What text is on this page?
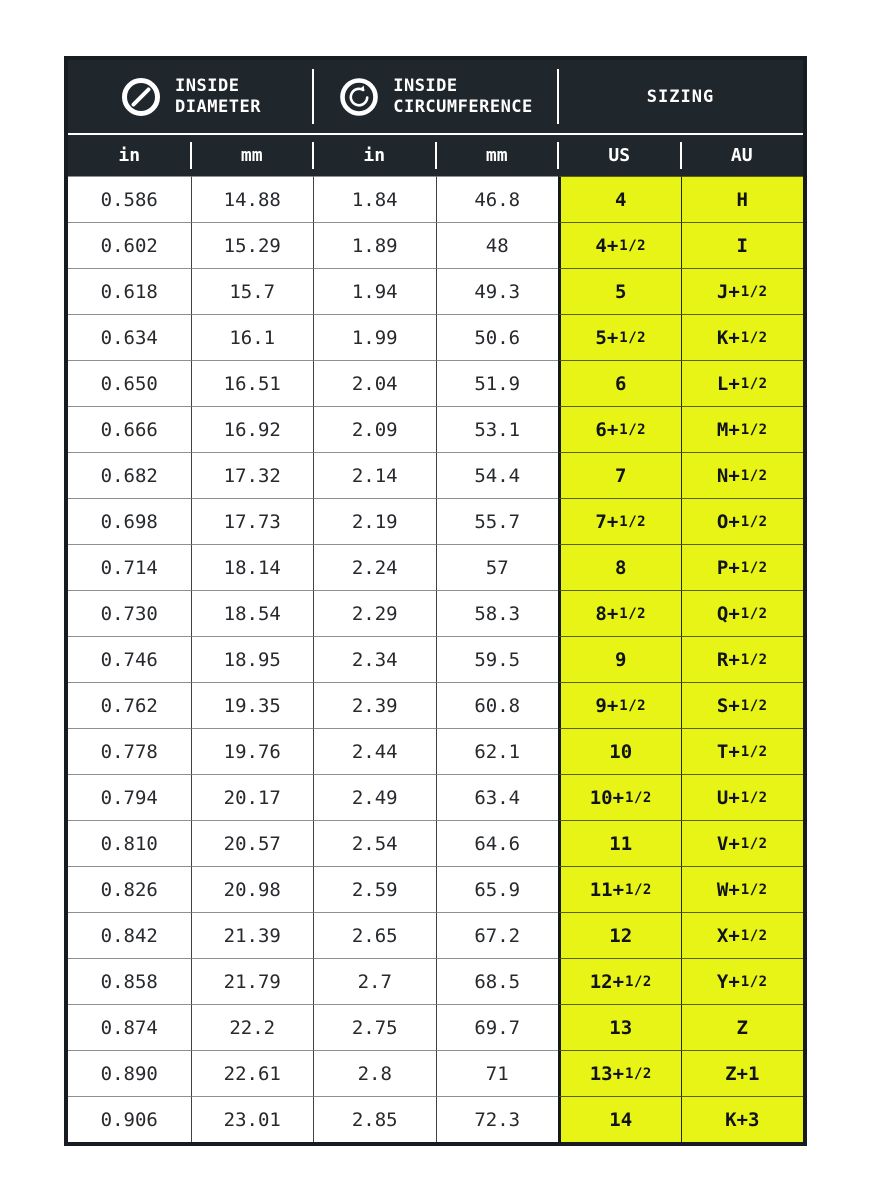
INSIDE
DIAMETER
INSIDE
CIRCUMFERENCE	SIZING
in	mm	in	mm	US	AU
0.586	14.88	1.84	46.8	4	H
0.602	15.29	1.89	48	4+ 1/2	I
0.618	15.7	1.94	49.3	5	J+ 1/2
0.634	16.1	1.99	50.6	5+ 1/2	K+ 1/2
0.650	16.51	2.04	51.9	6	L+ 1/2
0.666	16.92	2.09	53.1	6+ 1/2	M+ 1/2
0.682	17.32	2.14	54.4	7	N+ 1/2
0.698	17.73	2.19	55.7	7+ 1/2	O+ 1/2
0.714	18.14	2.24	57	8	P+ 1/2
0.730	18.54	2.29	58.3	8+ 1/2	Q+ 1/2
0.746	18.95	2.34	59.5	9	R+ 1/2
0.762	19.35	2.39	60.8	9+ 1/2	S+ 1/2
0.778	19.76	2.44	62.1	10	T+ 1/2
0.794	20.17	2.49	63.4	10+ 1/2	U+ 1/2
0.810	20.57	2.54	64.6	11	V+ 1/2
0.826	20.98	2.59	65.9	11+ 1/2	W+ 1/2
0.842	21.39	2.65	67.2	12	X+ 1/2
0.858	21.79	2.7	68.5	12+ 1/2	Y+ 1/2
0.874	22.2	2.75	69.7	13	Z
0.890	22.61	2.8	71	13+ 1/2	Z+1
0.906	23.01	2.85	72.3	14	K+3
